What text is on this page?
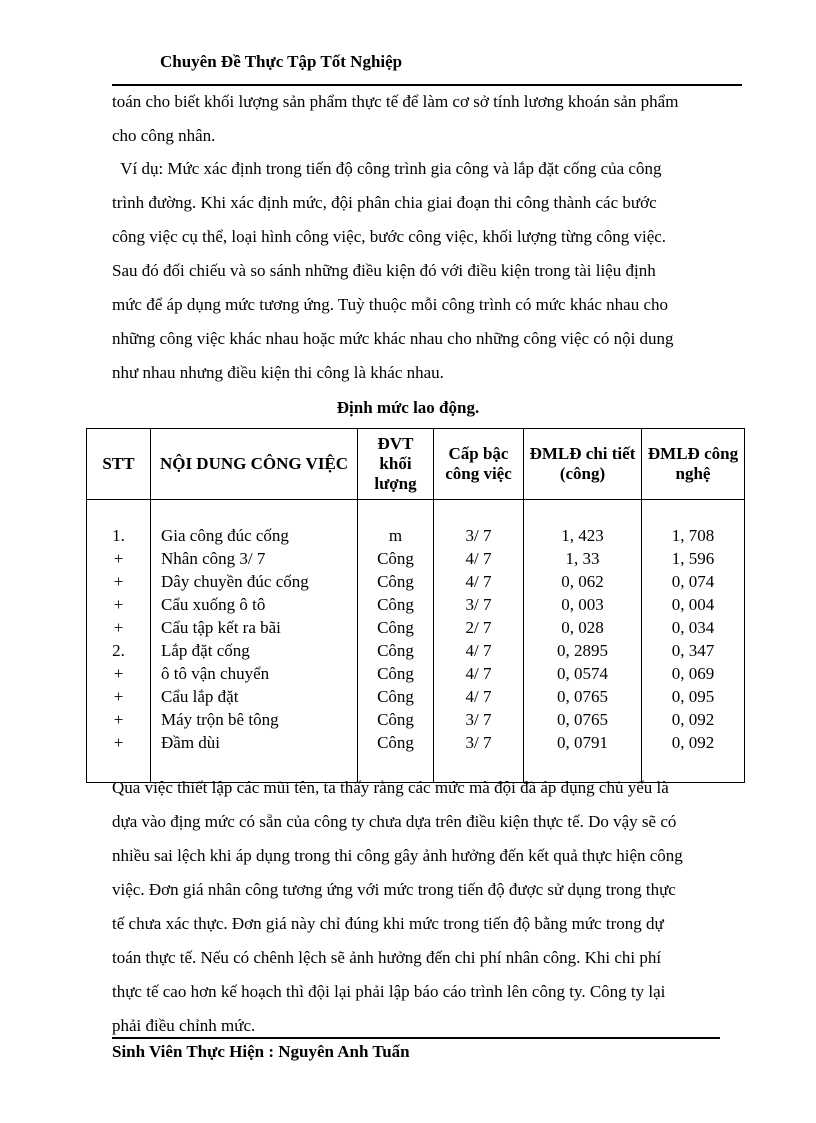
Chuyên Đề Thực Tập Tốt Nghiệp

toán cho biết khối lượng sản phẩm thực tế để làm cơ sở tính lương khoán sản phẩm
cho công nhân.

Ví dụ: Mức xác định trong tiến độ công trình gia công và lắp đặt cống của công
trình đường. Khi xác định mức, đội phân chia giai đoạn thi công thành các bước
công việc cụ thể, loại hình công việc, bước công việc, khối lượng từng công việc.
Sau đó đối chiếu và so sánh những điều kiện đó với điều kiện trong tài liệu định
mức để áp dụng mức tương ứng. Tuỳ thuộc mỗi công trình có mức khác nhau cho
những công việc khác nhau hoặc mức khác nhau cho những công việc có nội dung
như nhau nhưng điều kiện thi công là khác nhau.

Định mức lao động.
STT	NỘI DUNG CÔNG VIỆC	ĐVT khối lượng	Cấp bậc công việc	ĐMLĐ chi tiết (công)	ĐMLĐ công nghệ

1.	Gia công đúc cống	m	3/ 7	1, 423	1, 708
+	Nhân công 3/ 7	Công	4/ 7	1, 33	1, 596
+	Dây chuyền đúc cống	Công	4/ 7	0, 062	0, 074
+	Cẩu xuống ô tô	Công	3/ 7	0, 003	0, 004
+	Cẩu tập kết ra bãi	Công	2/ 7	0, 028	0, 034
2.	Lắp đặt cống	Công	4/ 7	0, 2895	0, 347
+	ô tô vận chuyển	Công	4/ 7	0, 0574	0, 069
+	Cẩu lắp đặt	Công	4/ 7	0, 0765	0, 095
+	Máy trộn bê tông	Công	3/ 7	0, 0765	0, 092
+	Đầm dùi	Công	3/ 7	0, 0791	0, 092

Qua việc thiết lập các mũi tên, ta thấy rằng các mức mà đội đã áp dụng chủ yếu là
dựa vào địng mức có sẵn của công ty chưa dựa trên điều kiện thực tế. Do vậy sẽ có
nhiều sai lệch khi áp dụng trong thi công gây ảnh hưởng đến kết quả thực hiện công
việc. Đơn giá nhân công tương ứng với mức trong tiến độ được sử dụng trong thực
tế chưa xác thực. Đơn giá này chỉ đúng khi mức trong tiến độ bằng mức trong dự
toán thực tế. Nếu có chênh lệch sẽ ảnh hưởng đến chi phí nhân công. Khi chi phí
thực tế cao hơn kế hoạch thì đội lại phải lập báo cáo trình lên công ty. Công ty lại
phải điều chỉnh mức.

Sinh Viên Thực Hiện : Nguyên Anh Tuấn
